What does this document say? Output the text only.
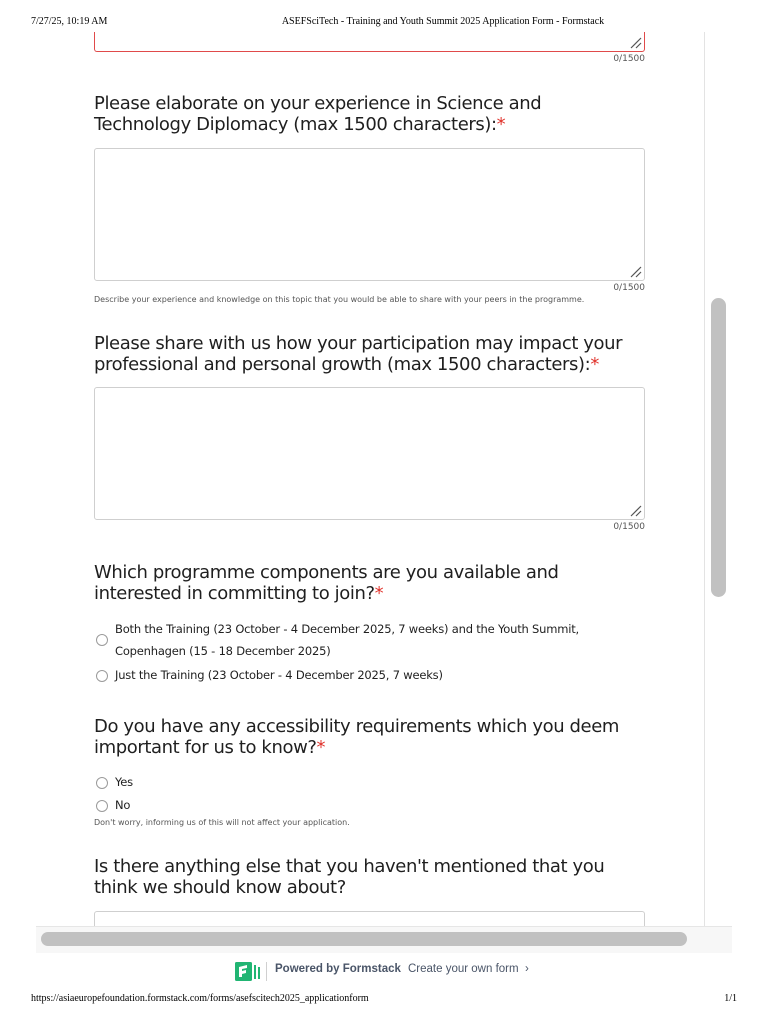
7/27/25, 10:19 AM	ASEFSciTech - Training and Youth Summit 2025 Application Form - Formstack
0/1500
Please elaborate on your experience in Science and Technology Diplomacy (max 1500 characters):*
0/1500
Describe your experience and knowledge on this topic that you would be able to share with your peers in the programme.
Please share with us how your participation may impact your professional and personal growth (max 1500 characters):*
0/1500
Which programme components are you available and interested in committing to join?*
Both the Training (23 October - 4 December 2025, 7 weeks) and the Youth Summit, Copenhagen (15 - 18 December 2025)
Just the Training (23 October - 4 December 2025, 7 weeks)
Do you have any accessibility requirements which you deem important for us to know?*
Yes
No
Don't worry, informing us of this will not affect your application.
Is there anything else that you haven't mentioned that you think we should know about?
Powered by Formstack Create your own form ›
https://asiaeuropefoundation.formstack.com/forms/asefscitech2025_applicationform	1/1
